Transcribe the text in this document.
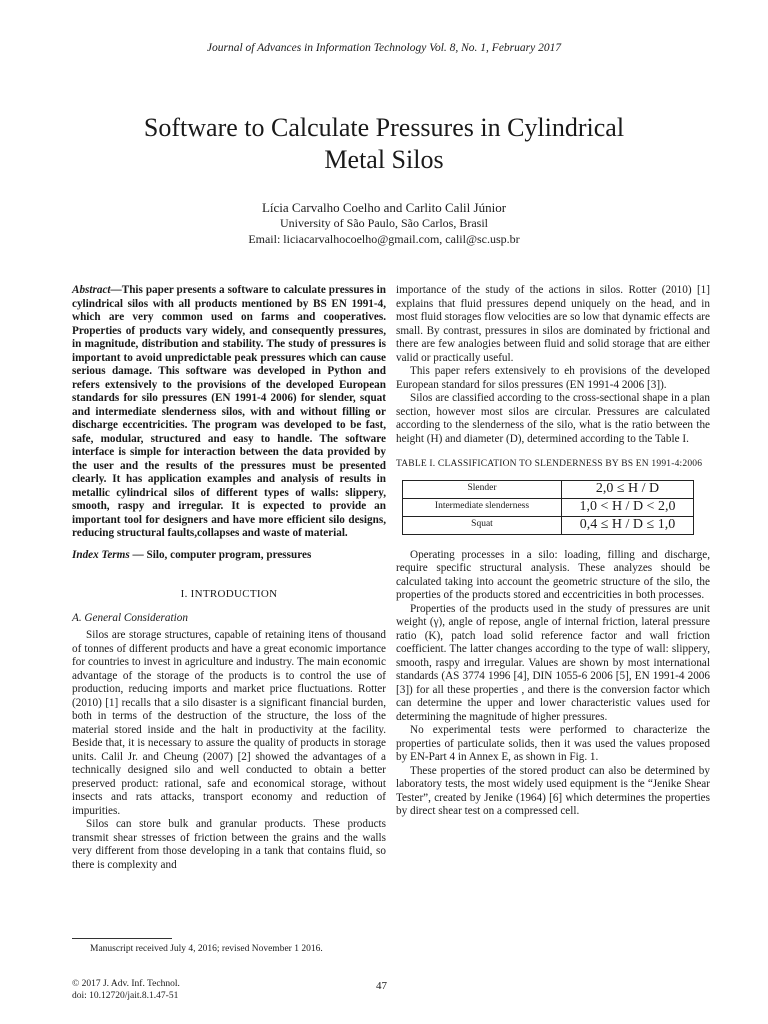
Journal of Advances in Information Technology Vol. 8, No. 1, February 2017
Software to Calculate Pressures in Cylindrical
Metal Silos
Lícia Carvalho Coelho and Carlito Calil Júnior
University of São Paulo, São Carlos, Brasil
Email: liciacarvalhocoelho@gmail.com, calil@sc.usp.br

Abstract—This paper presents a software to calculate pressures in cylindrical silos with all products mentioned by BS EN 1991-4, which are very common used on farms and cooperatives. Properties of products vary widely, and consequently pressures, in magnitude, distribution and stability. The study of pressures is important to avoid unpredictable peak pressures which can cause serious damage. This software was developed in Python and refers extensively to the provisions of the developed European standards for silo pressures (EN 1991-4 2006) for slender, squat and intermediate slenderness silos, with and without filling or discharge eccentricities. The program was developed to be fast, safe, modular, structured and easy to handle. The software interface is simple for interaction between the data provided by the user and the results of the pressures must be presented clearly. It has application examples and analysis of results in metallic cylindrical silos of different types of walls: slippery, smooth, raspy and irregular. It is expected to provide an important tool for designers and have more efficient silo designs, reducing structural faults,collapses and waste of material.

Index Terms — Silo, computer program, pressures

I. INTRODUCTION

A. General Consideration

Silos are storage structures, capable of retaining itens of thousand of tonnes of different products and have a great economic importance for countries to invest in agriculture and industry. The main economic advantage of the storage of the products is to control the use of production, reducing imports and market price fluctuations. Rotter (2010) [1] recalls that a silo disaster is a significant financial burden, both in terms of the destruction of the structure, the loss of the material stored inside and the halt in productivity at the facility. Beside that, it is necessary to assure the quality of products in storage units. Calil Jr. and Cheung (2007) [2] showed the advantages of a technically designed silo and well conducted to obtain a better preserved product: rational, safe and economical storage, without insects and rats attacks, transport economy and reduction of impurities.

Silos can store bulk and granular products. These products transmit shear stresses of friction between the grains and the walls very different from those developing in a tank that contains fluid, so there is complexity and

importance of the study of the actions in silos. Rotter (2010) [1] explains that fluid pressures depend uniquely on the head, and in most fluid storages flow velocities are so low that dynamic effects are small. By contrast, pressures in silos are dominated by frictional and there are few analogies between fluid and solid storage that are either valid or practically useful.

This paper refers extensively to eh provisions of the developed European standard for silos pressures (EN 1991-4 2006 [3]).

Silos are classified according to the cross-sectional shape in a plan section, however most silos are circular. Pressures are calculated according to the slenderness of the silo, what is the ratio between the height (H) and diameter (D), determined according to the Table I.

TABLE I. CLASSIFICATION TO SLENDERNESS BY BS EN 1991-4:2006

Slender	2,0 ≤ H / D
Intermediate slenderness	1,0 < H / D < 2,0
Squat	0,4 ≤ H / D ≤ 1,0

Operating processes in a silo: loading, filling and discharge, require specific structural analysis. These analyzes should be calculated taking into account the geometric structure of the silo, the properties of the products stored and eccentricities in both processes.

Properties of the products used in the study of pressures are unit weight (γ), angle of repose, angle of internal friction, lateral pressure ratio (K), patch load solid reference factor and wall friction coefficient. The latter changes according to the type of wall: slippery, smooth, raspy and irregular. Values are shown by most international standards (AS 3774 1996 [4], DIN 1055-6 2006 [5], EN 1991-4 2006 [3]) for all these properties , and there is the conversion factor which can determine the upper and lower characteristic values used for determining the magnitude of higher pressures.

No experimental tests were performed to characterize the properties of particulate solids, then it was used the values proposed by EN-Part 4 in Annex E, as shown in Fig. 1.

These properties of the stored product can also be determined by laboratory tests, the most widely used equipment is the “Jenike Shear Tester”, created by Jenike (1964) [6] which determines the properties by direct shear test on a compressed cell.

Manuscript received July 4, 2016; revised November 1 2016.
© 2017 J. Adv. Inf. Technol.
doi: 10.12720/jait.8.1.47-51
47
